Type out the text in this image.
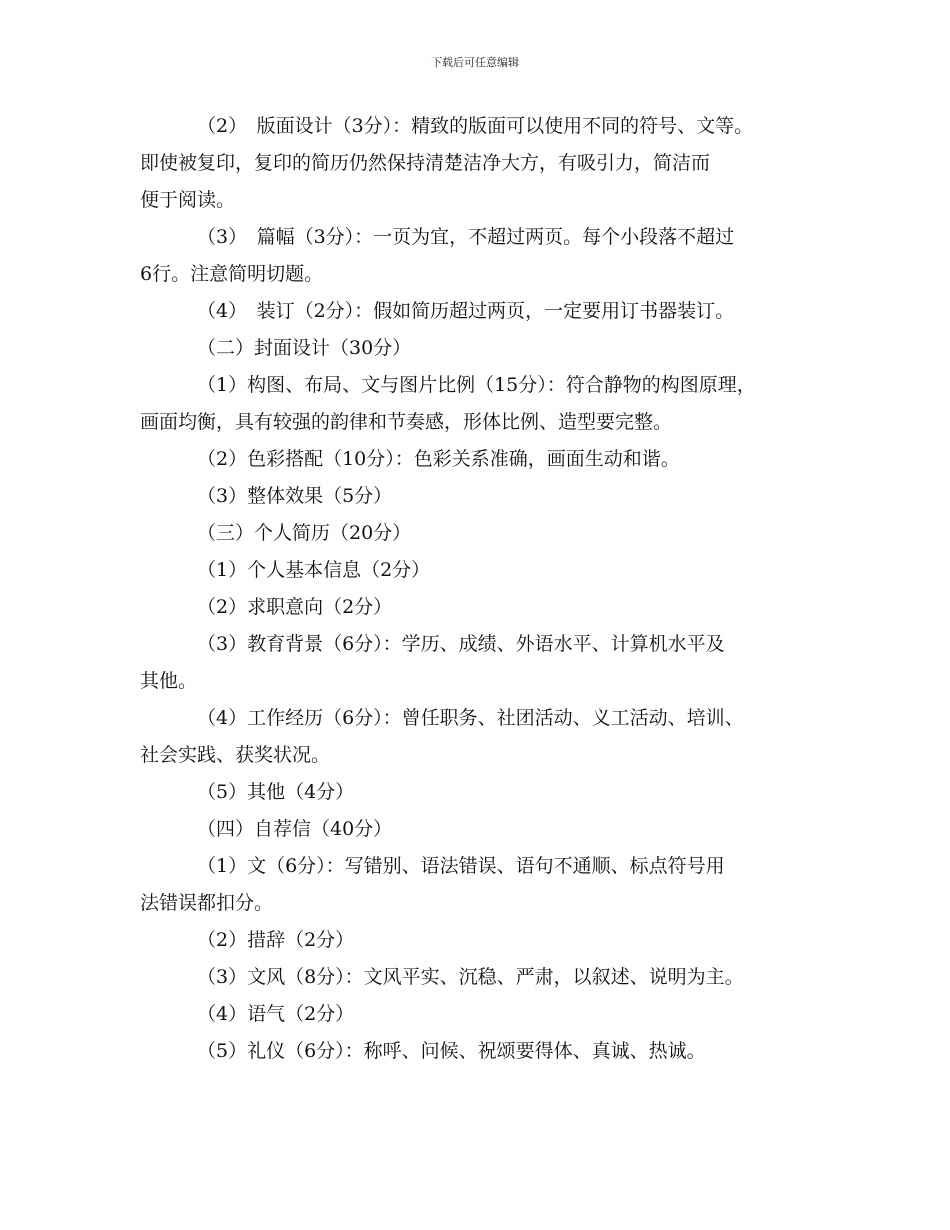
下载后可任意编辑
（2）　版面设计（3分）：精致的版面可以使用不同的符号、文等。
即使被复印，复印的简历仍然保持清楚洁净大方，有吸引力，简洁而
便于阅读。
（3）　篇幅（3分）：一页为宜，不超过两页。每个小段落不超过
6行。注意简明切题。
（4）　装订（2分）：假如简历超过两页，一定要用订书器装订。
（二）封面设计（30分）
（1）构图、布局、文与图片比例（15分）：符合静物的构图原理，
画面均衡，具有较强的韵律和节奏感，形体比例、造型要完整。
（2）色彩搭配（10分）：色彩关系准确，画面生动和谐。
（3）整体效果（5分）
（三）个人简历（20分）
（1）个人基本信息（2分）
（2）求职意向（2分）
（3）教育背景（6分）：学历、成绩、外语水平、计算机水平及
其他。
（4）工作经历（6分）：曾任职务、社团活动、义工活动、培训、
社会实践、获奖状况。
（5）其他（4分）
（四）自荐信（40分）
（1）文（6分）：写错别、语法错误、语句不通顺、标点符号用
法错误都扣分。
（2）措辞（2分）
（3）文风（8分）：文风平实、沉稳、严肃，以叙述、说明为主。
（4）语气（2分）
（5）礼仪（6分）：称呼、问候、祝颂要得体、真诚、热诚。
